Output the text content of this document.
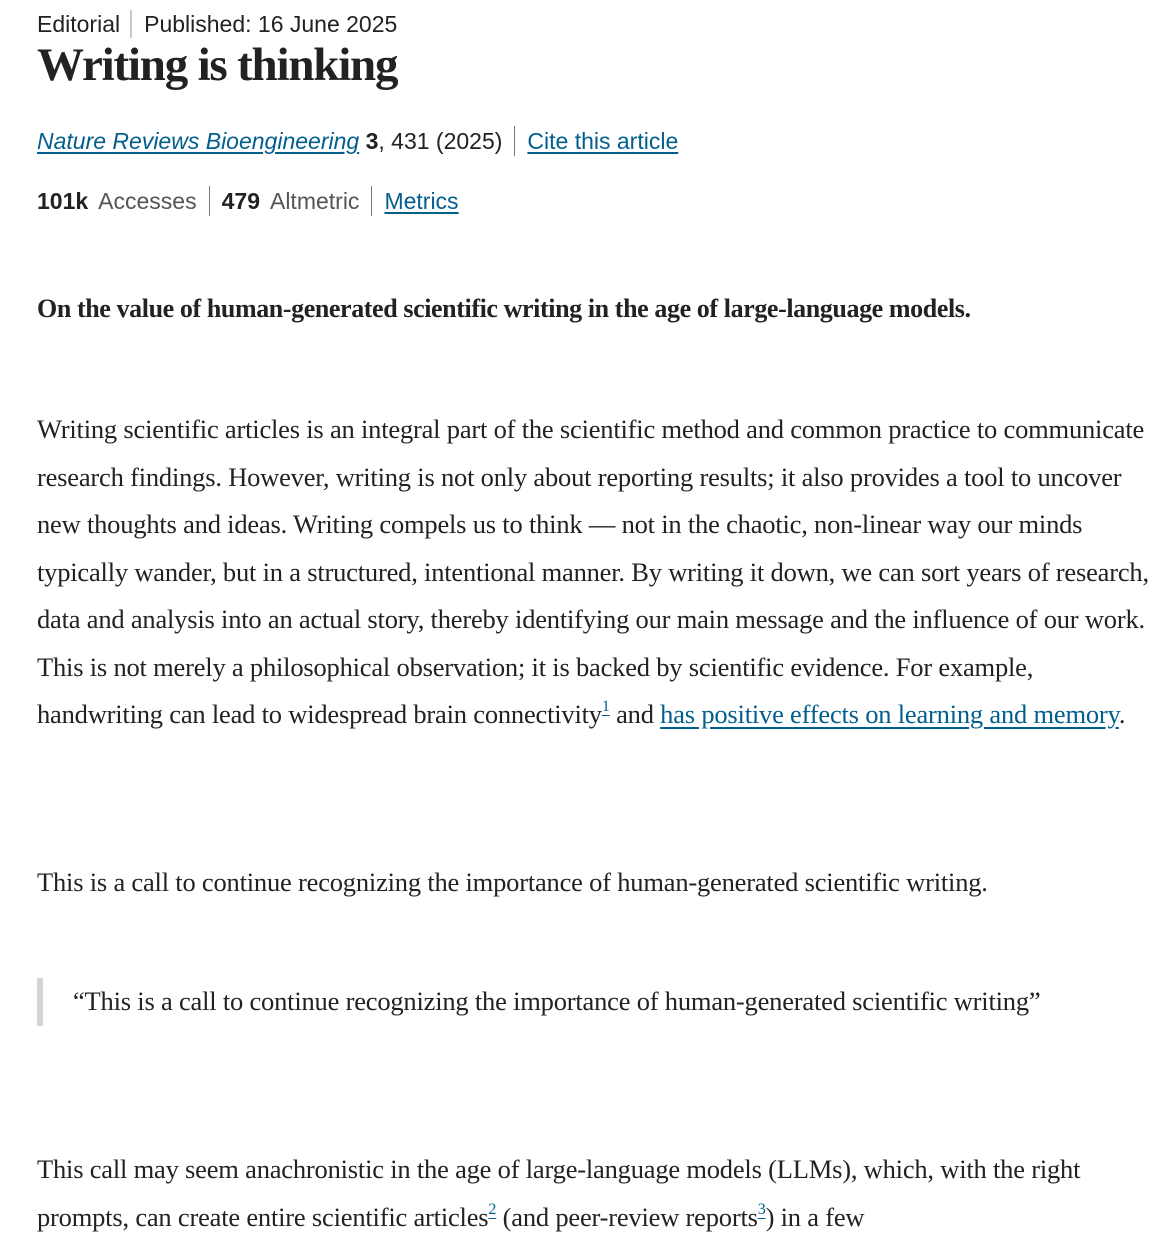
Editorial Published: 16 June 2025
Writing is thinking
Nature Reviews Bioengineering 3, 431 (2025) Cite this article
101k Accesses 479 Altmetric Metrics

On the value of human-generated scientific writing in the age of large-language models.

Writing scientific articles is an integral part of the scientific method and common practice to communicate research findings. However, writing is not only about reporting results; it also provides a tool to uncover new thoughts and ideas. Writing compels us to think — not in the chaotic, non-linear way our minds typically wander, but in a structured, intentional manner. By writing it down, we can sort years of research, data and analysis into an actual story, thereby identifying our main message and the influence of our work. This is not merely a philosophical observation; it is backed by scientific evidence. For example, handwriting can lead to widespread brain connectivity$^1$ and has positive effects on learning and memory.

This is a call to continue recognizing the importance of human-generated scientific writing.

“This is a call to continue recognizing the importance of human-generated scientific writing”

This call may seem anachronistic in the age of large-language models (LLMs), which, with the right prompts, can create entire scientific articles$^2$ (and peer-review reports$^3$) in a few
